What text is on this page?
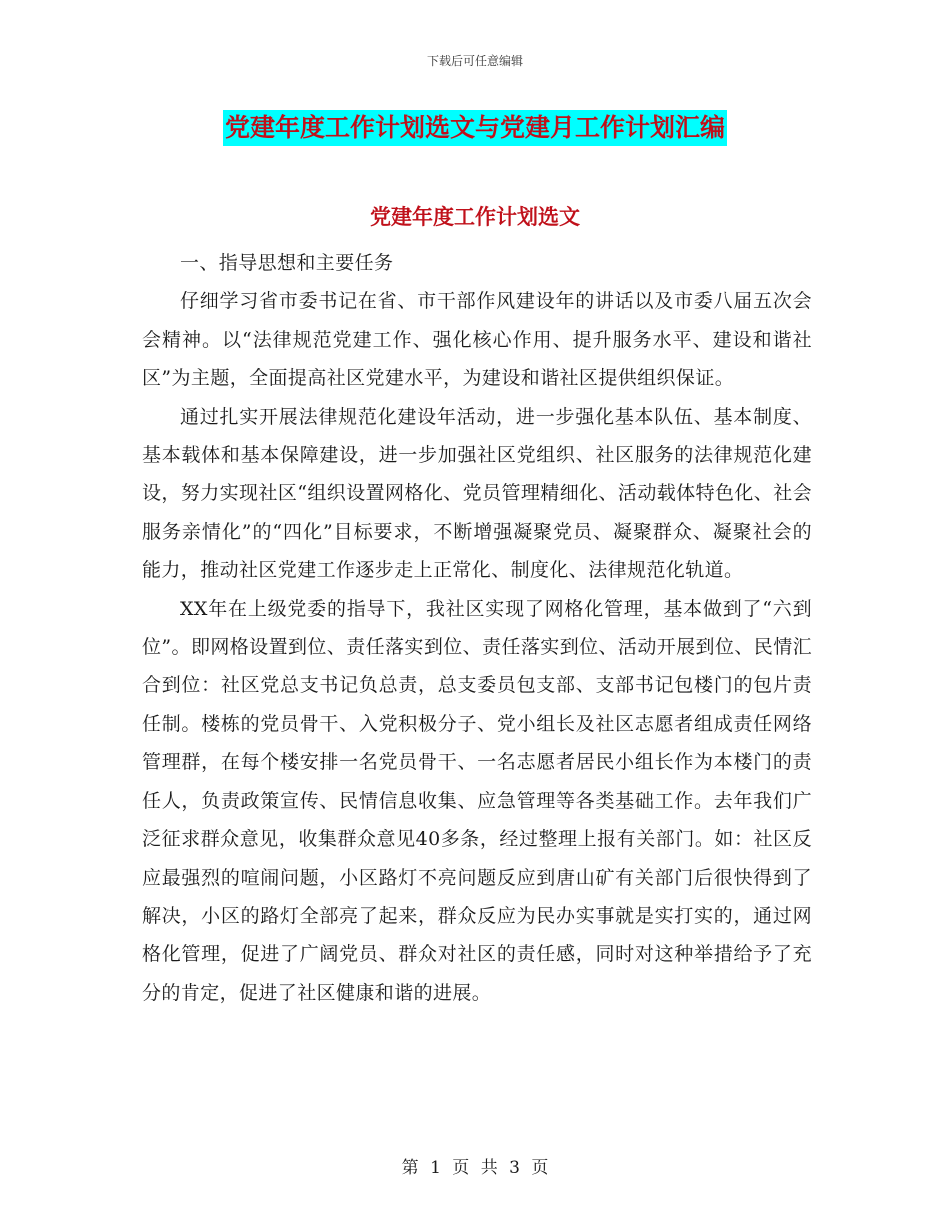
下载后可任意编辑
党建年度工作计划选文与党建月工作计划汇编
党建年度工作计划选文

一、指导思想和主要任务

仔细学习省市委书记在省、市干部作风建设年的讲话以及市委八届五次会会精神。以“法律规范党建工作、强化核心作用、提升服务水平、建设和谐社区”为主题，全面提高社区党建水平，为建设和谐社区提供组织保证。

通过扎实开展法律规范化建设年活动，进一步强化基本队伍、基本制度、基本载体和基本保障建设，进一步加强社区党组织、社区服务的法律规范化建设，努力实现社区“组织设置网格化、党员管理精细化、活动载体特色化、社会服务亲情化”的“四化”目标要求，不断增强凝聚党员、凝聚群众、凝聚社会的能力，推动社区党建工作逐步走上正常化、制度化、法律规范化轨道。

XX年在上级党委的指导下，我社区实现了网格化管理，基本做到了“六到位”。即网格设置到位、责任落实到位、责任落实到位、活动开展到位、民情汇合到位：社区党总支书记负总责，总支委员包支部、支部书记包楼门的包片责任制。楼栋的党员骨干、入党积极分子、党小组长及社区志愿者组成责任网络管理群，在每个楼安排一名党员骨干、一名志愿者居民小组长作为本楼门的责任人，负责政策宣传、民情信息收集、应急管理等各类基础工作。去年我们广泛征求群众意见，收集群众意见40多条，经过整理上报有关部门。如：社区反应最强烈的喧闹问题，小区路灯不亮问题反应到唐山矿有关部门后很快得到了解决，小区的路灯全部亮了起来，群众反应为民办实事就是实打实的，通过网格化管理，促进了广阔党员、群众对社区的责任感，同时对这种举措给予了充分的肯定，促进了社区健康和谐的进展。

第 1 页 共 3 页
